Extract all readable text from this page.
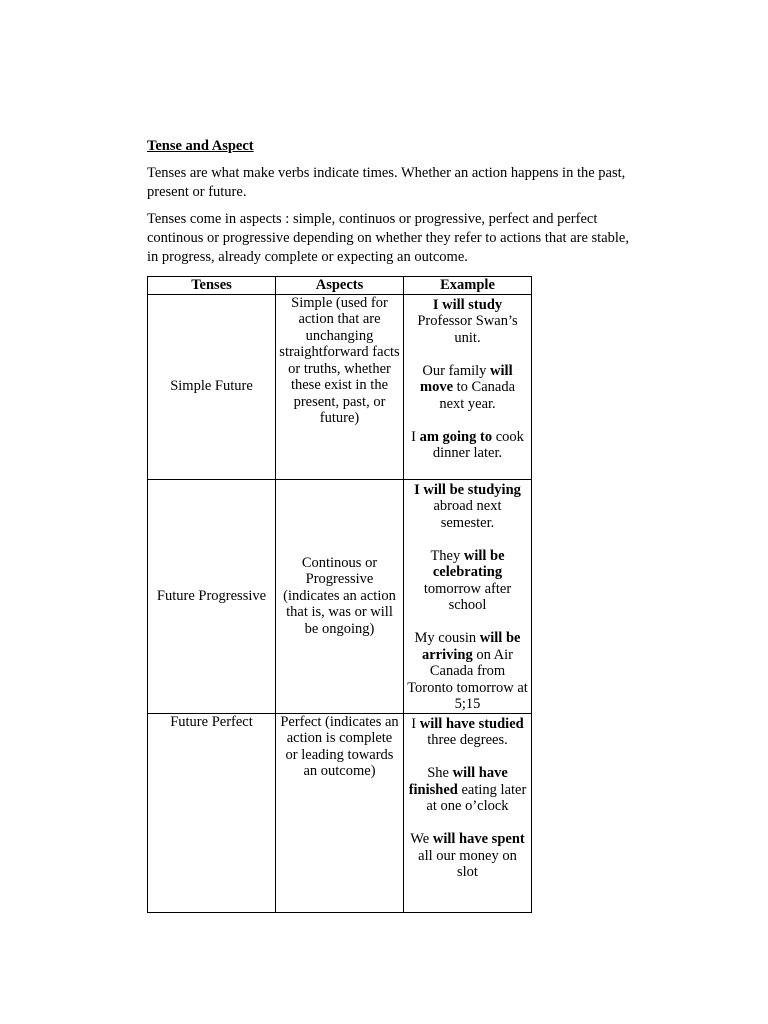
Tense and Aspect

Tenses are what make verbs indicate times. Whether an action happens in the past, present or future.

Tenses come in aspects : simple, continuos or progressive, perfect and perfect continous or progressive depending on whether they refer to actions that are stable, in progress, already complete or expecting an outcome.

Tenses	Aspects	Example
Simple Future	Simple (used for action that are unchanging straightforward facts or truths, whether these exist in the present, past, or future)	I will study Professor Swan’s unit.
Our family will move to Canada next year.
I am going to cook dinner later.

Future Progressive	Continous or Progressive (indicates an action that is, was or will be ongoing)	I will be studying abroad next semester.
They will be celebrating tomorrow after school
My cousin will be arriving on Air Canada from Toronto tomorrow at 5;15

Future Perfect	Perfect (indicates an action is complete or leading towards an outcome)	I will have studied three degrees.
She will have finished eating later at one o’clock
We will have spent all our money on slot
